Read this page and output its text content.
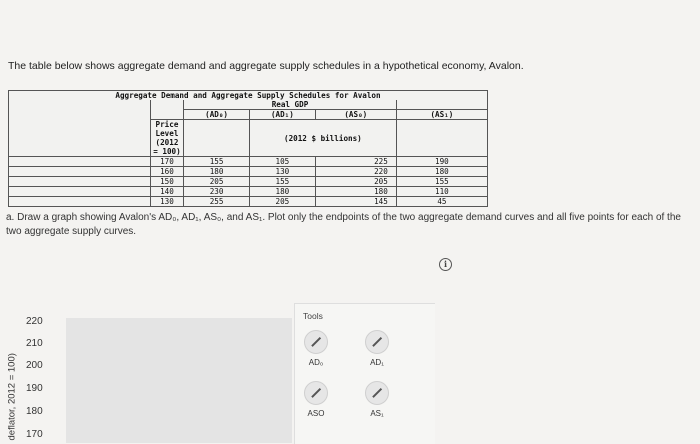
The table below shows aggregate demand and aggregate supply schedules in a hypothetical economy, Avalon.
Aggregate Demand and Aggregate Supply Schedules for Avalon					
		Real GDP			
		(AD₀)	(AD₁)	(AS₀)	(AS₁)
	Price Level (2012 = 100)		(2012 $ billions)		
	170	155	105	225	190
	160	180	130	220	180
	150	205	155	205	155
	140	230	180	180	110
	130	255	205	145	45
a. Draw a graph showing Avalon's AD₀, AD₁, AS₀, and AS₁. Plot only the endpoints of the two aggregate demand curves and all five points for each of the two aggregate supply curves.
i
deflator, 2012 = 100)
220
210
200
190
180
170
Tools
AD₀	AD₁
ASO	AS₁
